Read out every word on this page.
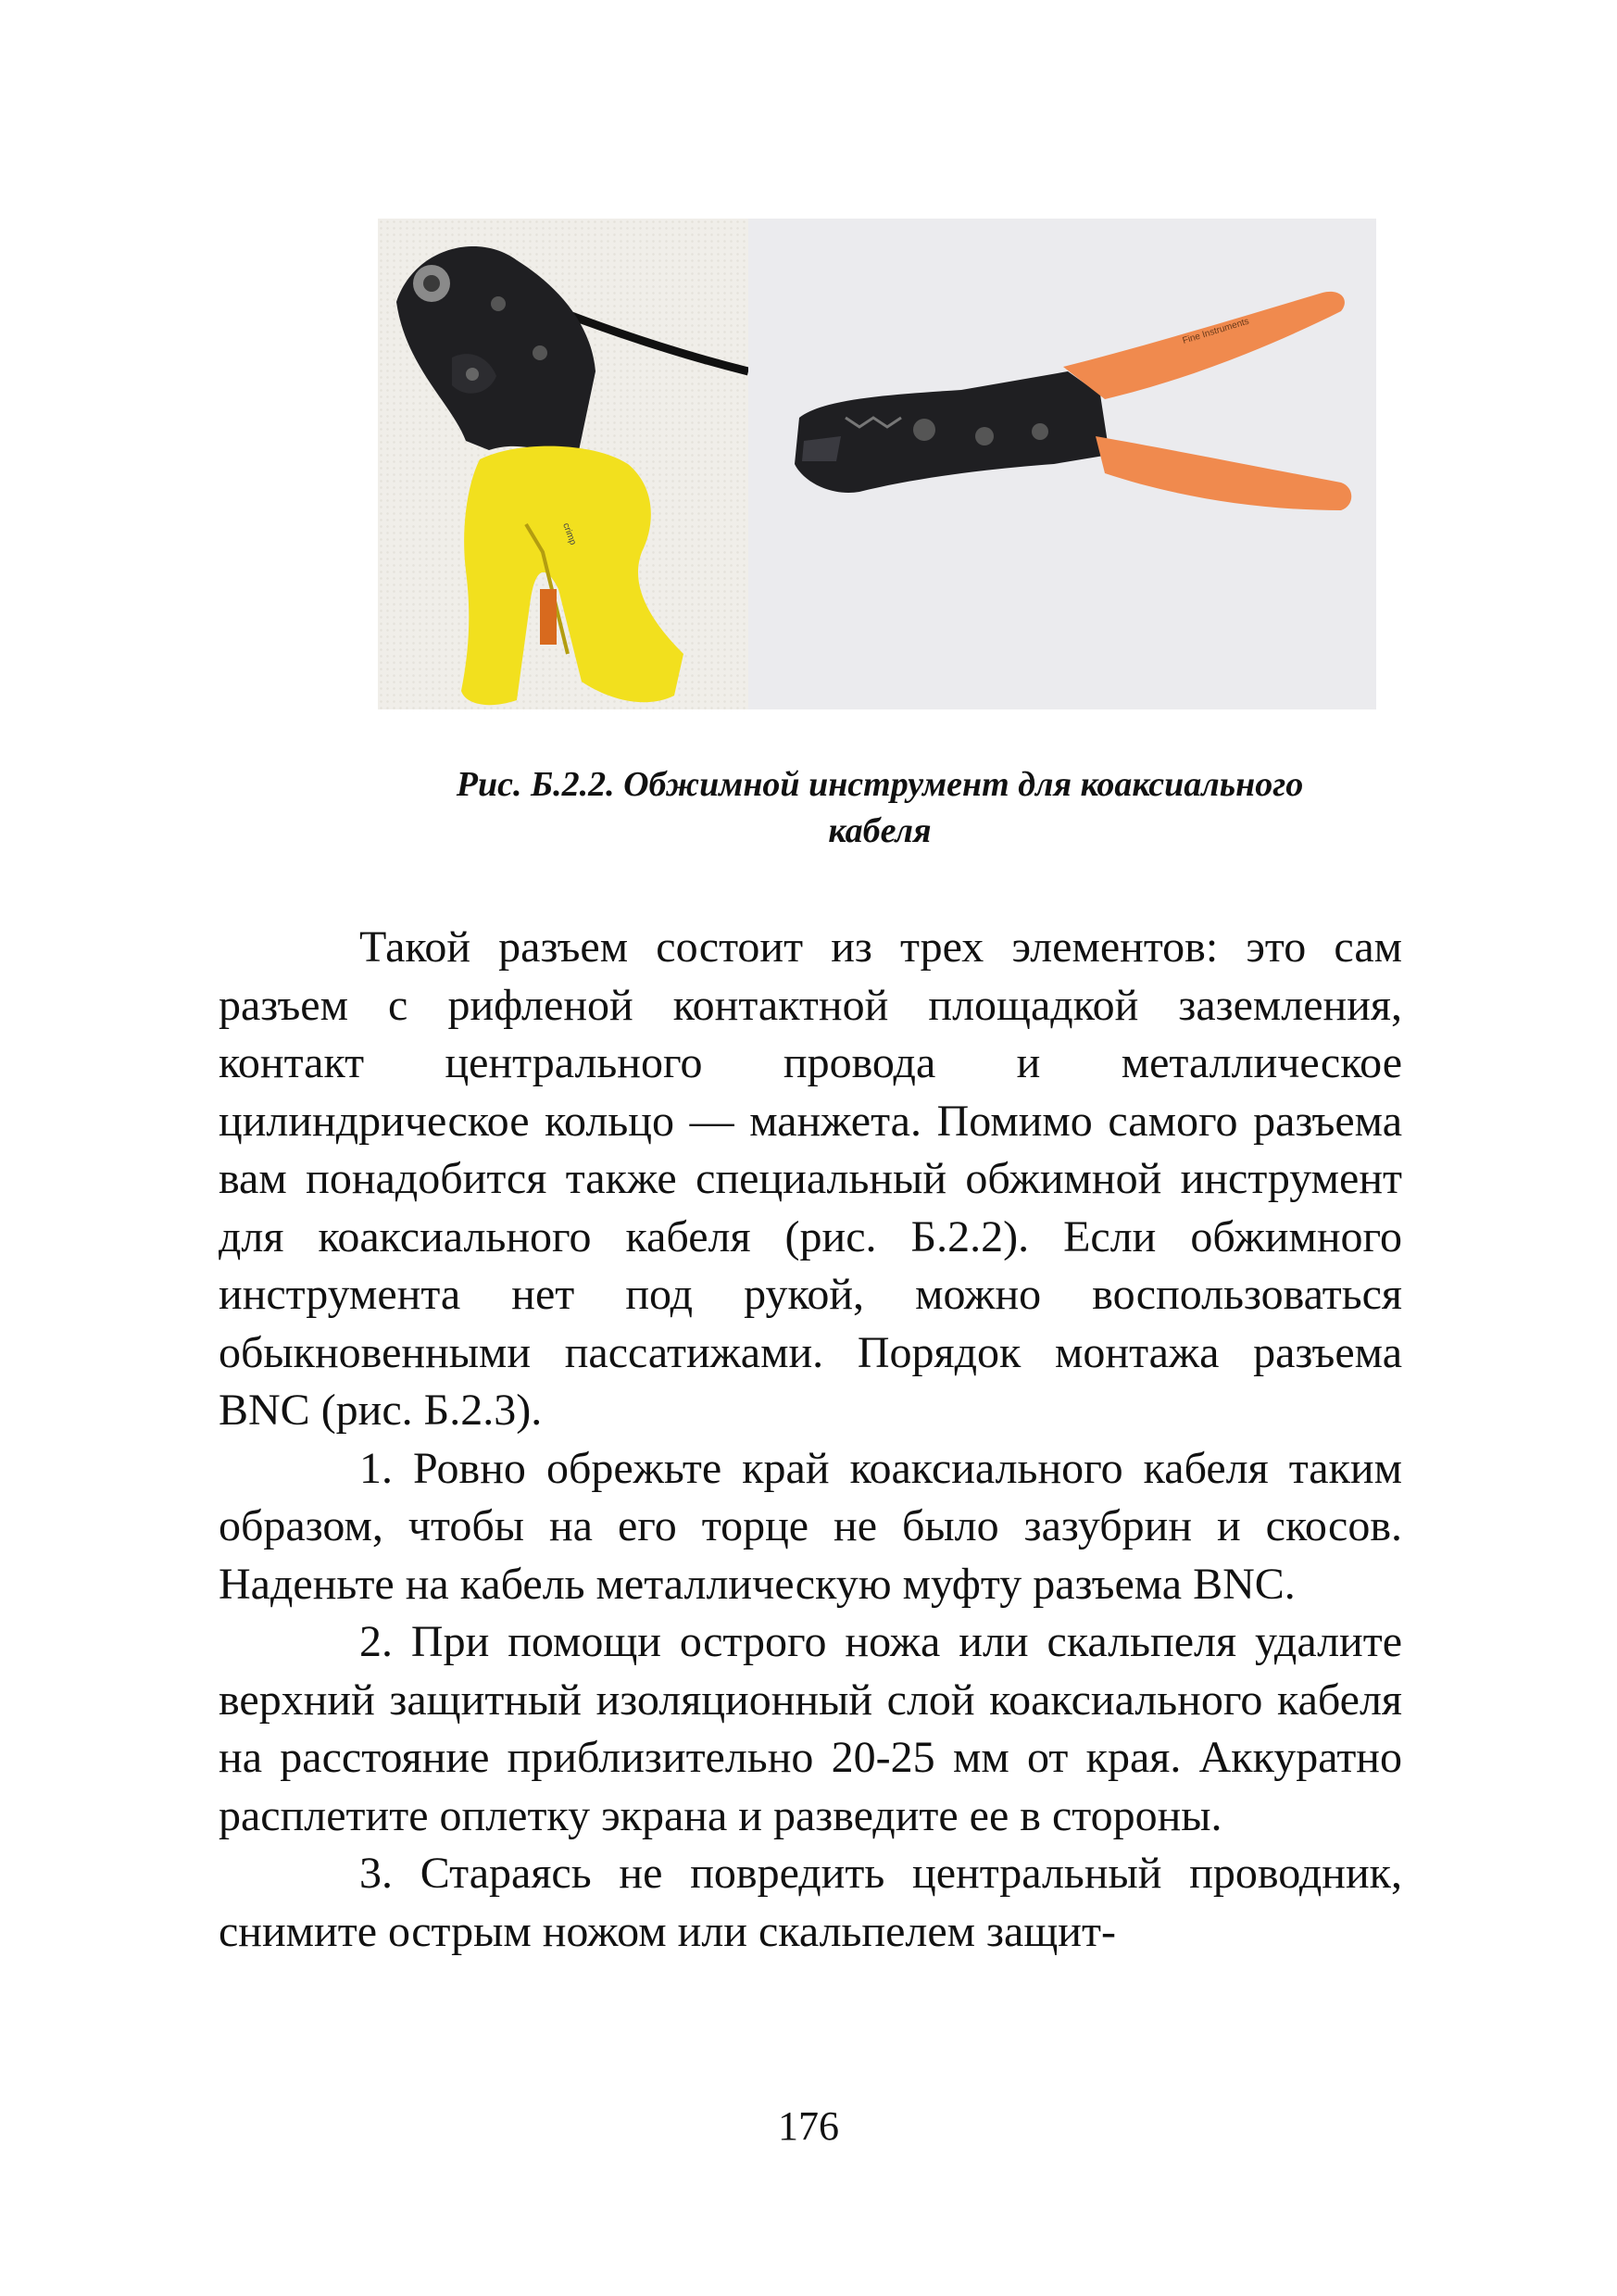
crimp
Fine Instruments
Рис. Б.2.2. Обжимной инструмент для коаксиального
кабеля

Такой разъем состоит из трех элементов: это сам разъем с рифленой контактной площадкой заземления, контакт центрального провода и металлическое цилиндрическое кольцо — манжета. Помимо самого разъема вам понадобится также специальный обжимной инструмент для коаксиального кабеля (рис. Б.2.2). Если обжимного инструмента нет под рукой, можно воспользоваться обыкновенными пассатижами. Порядок монтажа разъема BNC (рис. Б.2.3).

1. Ровно обрежьте край коаксиального кабеля таким образом, чтобы на его торце не было зазубрин и скосов. Наденьте на кабель металлическую муфту разъема BNC.

2. При помощи острого ножа или скальпеля удалите верхний защитный изоляционный слой коаксиального кабеля на расстояние приблизительно 20-25 мм от края. Аккуратно расплетите оплетку экрана и разведите ее в стороны.

3. Стараясь не повредить центральный проводник, снимите острым ножом или скальпелем защит-

176
